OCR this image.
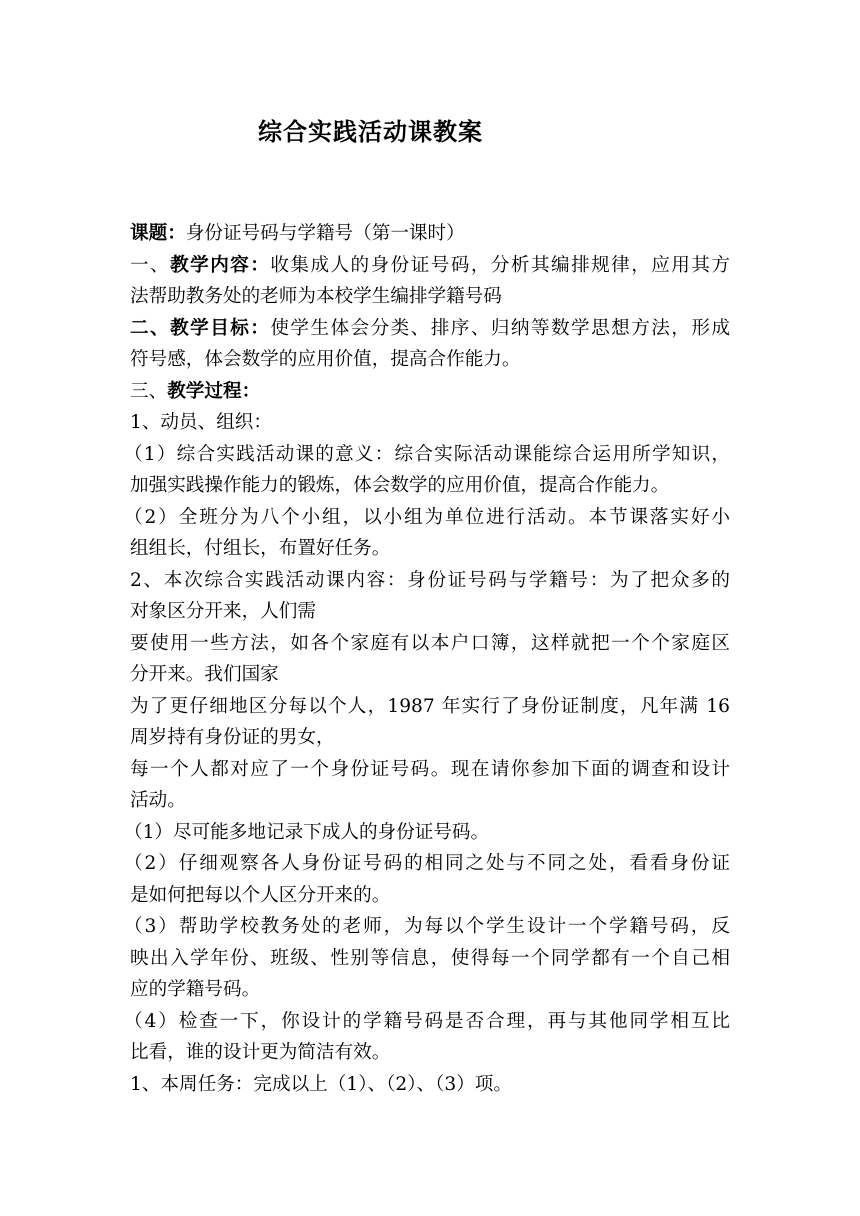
综合实践活动课教案
课题：身份证号码与学籍号（第一课时）
一、教学内容：收集成人的身份证号码，分析其编排规律，应用其方
法帮助教务处的老师为本校学生编排学籍号码
二、教学目标：使学生体会分类、排序、归纳等数学思想方法，形成
符号感，体会数学的应用价值，提高合作能力。
三、教学过程：
1、动员、组织：
（1）综合实践活动课的意义：综合实际活动课能综合运用所学知识，
加强实践操作能力的锻炼，体会数学的应用价值，提高合作能力。
（2）全班分为八个小组，以小组为单位进行活动。本节课落实好小
组组长，付组长，布置好任务。
2、本次综合实践活动课内容：身份证号码与学籍号：为了把众多的
对象区分开来，人们需
要使用一些方法，如各个家庭有以本户口簿，这样就把一个个家庭区
分开来。我们国家
为了更仔细地区分每以个人，1987 年实行了身份证制度，凡年满 16
周岁持有身份证的男女，
每一个人都对应了一个身份证号码。现在请你参加下面的调查和设计
活动。
（1）尽可能多地记录下成人的身份证号码。
（2）仔细观察各人身份证号码的相同之处与不同之处，看看身份证
是如何把每以个人区分开来的。
（3）帮助学校教务处的老师，为每以个学生设计一个学籍号码，反
映出入学年份、班级、性别等信息，使得每一个同学都有一个自己相
应的学籍号码。
（4）检查一下，你设计的学籍号码是否合理，再与其他同学相互比
比看，谁的设计更为简洁有效。
1、本周任务：完成以上（1）、（2）、（3）项。
